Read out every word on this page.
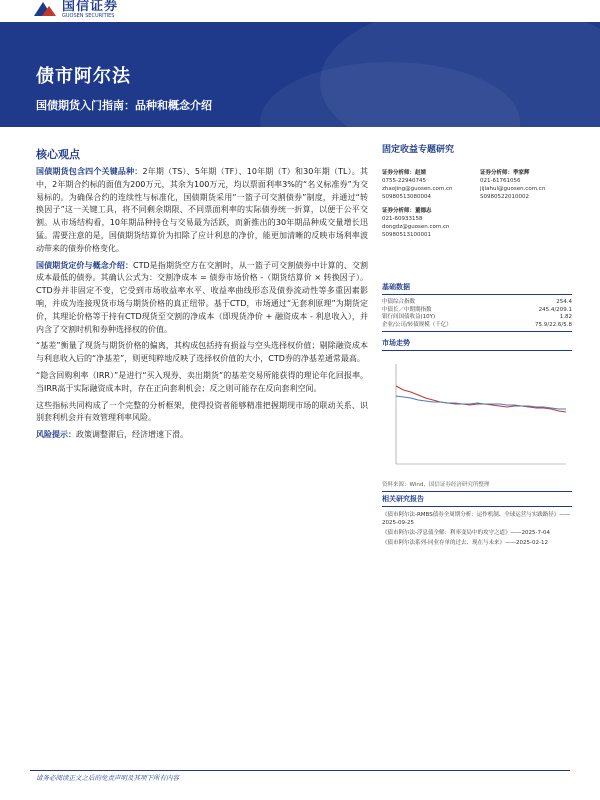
国信证券
GUOSEN SECURITIES
债市阿尔法
国债期货入门指南：品种和概念介绍
核心观点

国债期货包含四个关键品种：2年期（TS）、5年期（TF）、10年期（T）和30年期（TL）。其中，2年期合约标的面值为200万元，其余为100万元，均以票面利率3%的“名义标准券”为交易标的。为确保合约的连续性与标准化，国债期货采用“一篮子可交割债券”制度，并通过“转换因子”这一关键工具，将不同剩余期限、不同票面利率的实际债券统一折算，以便于公平交割。从市场结构看，10年期品种持仓与交易最为活跃，而新推出的30年期品种成交量增长迅猛。需要注意的是，国债期货结算价为扣除了应计利息的净价，能更加清晰的反映市场利率波动带来的债券价格变化。

国债期货定价与概念介绍：CTD是指期货空方在交割时，从一篮子可交割债券中计算的、交割成本最低的债券。其确认公式为：交割净成本 = 债券市场价格 -（期货结算价 × 转换因子）。CTD券并非固定不变，它受到市场收益率水平、收益率曲线形态及债券流动性等多重因素影响，并成为连接现货市场与期货价格的真正纽带。基于CTD，市场通过“无套利原理”为期货定价，其理论价格等于持有CTD现货至交割的净成本（即现货净价 + 融资成本 - 利息收入），并内含了交割时机和券种选择权的价值。

“基差”衡量了现货与期货价格的偏离，其构成包括持有损益与空头选择权价值；剔除融资成本与利息收入后的“净基差”，则更纯粹地反映了选择权价值的大小，CTD券的净基差通常最高。

“隐含回购利率（IRR）”是进行“买入现券、卖出期货”的基差交易所能获得的理论年化回报率。当IRR高于实际融资成本时，存在正向套利机会；反之则可能存在反向套利空间。

这些指标共同构成了一个完整的分析框架，使得投资者能够精准把握期现市场的联动关系、识别套利机会并有效管理利率风险。

风险提示：政策调整滞后，经济增速下滑。

固定收益专题研究
证券分析师：赵婧

0755-22940745
zhaojing@guosen.com.cn
S0980513080004
证券分析师：季家辉

021-61761056
jijiahui@guosen.com.cn
S0980522010002
证券分析师：董德志

021-60933158
dongdz@guosen.com.cn
S0980513100001
基础数据
中债综合指数	254.4
中债长／中期期指数	245.4/209.1
银行间国债收益(10Y)	1.82
企业/公司/转债规模（千亿）	75.9/22.6/5.8
市场走势
资料来源：Wind、国信证券经济研究所整理
相关研究报告
《债市阿尔法-RMBS债券全周期分析：运作机制、全球运营与实践路径》——2025-09-25
《债市阿尔法-浮息债全解：利率变局中的攻守之道》——2025-7-04
《债市阿尔法系列-同业存单的过去、现在与未来》——2025-02-12
请务必阅读正文之后的免责声明及其项下所有内容
